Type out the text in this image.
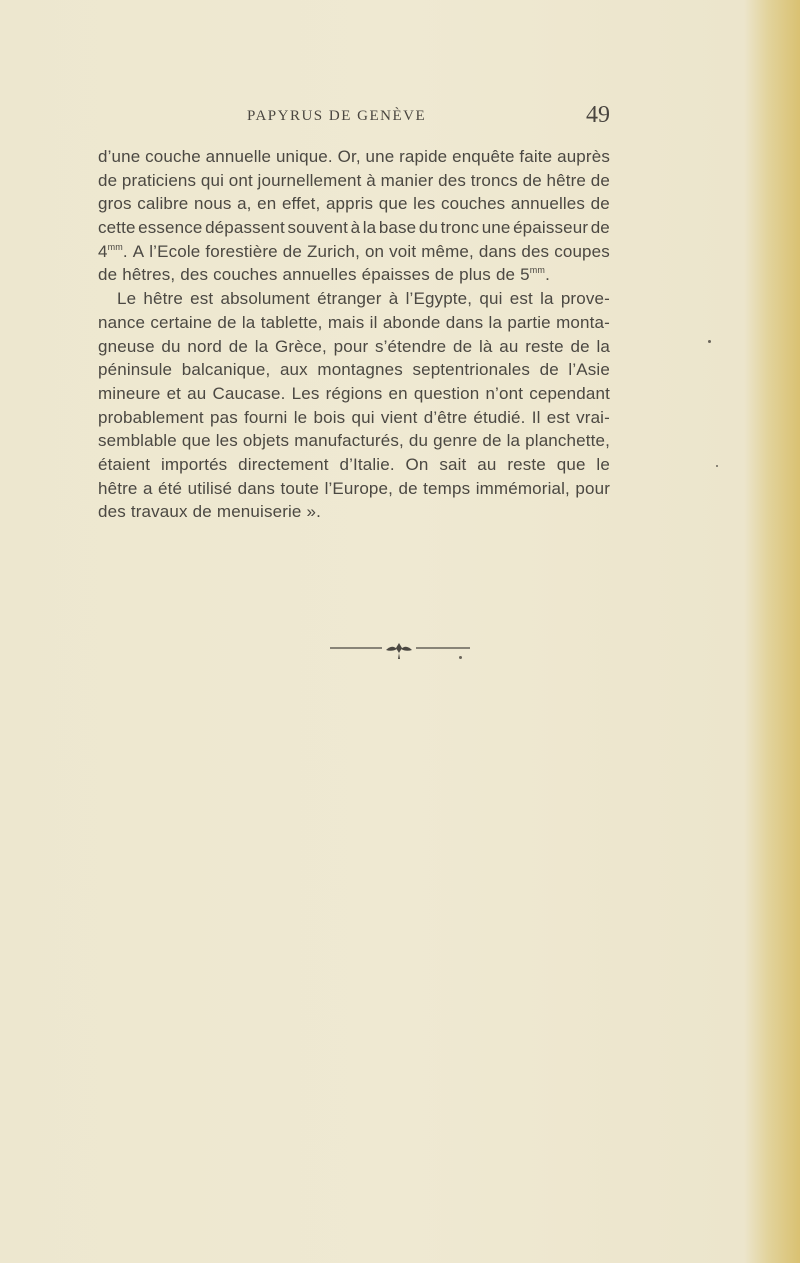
PAPYRUS DE GENÈVE	49
d’une couche annuelle unique. Or, une rapide enquête faite auprès
de praticiens qui ont journellement à manier des troncs de hêtre de
gros calibre nous a, en effet, appris que les couches annuelles de
cette essence dépassent souvent à la base du tronc une épaisseur de
$4^{mm}$. A l’Ecole forestière de Zurich, on voit même, dans des coupes
de hêtres, des couches annuelles épaisses de plus de $5^{mm}$.
Le hêtre est absolument étranger à l’Egypte, qui est la prove-
nance certaine de la tablette, mais il abonde dans la partie monta-
gneuse du nord de la Grèce, pour s’étendre de là au reste de la
péninsule balcanique, aux montagnes septentrionales de l’Asie
mineure et au Caucase. Les régions en question n’ont cependant
probablement pas fourni le bois qui vient d’être étudié. Il est vrai-
semblable que les objets manufacturés, du genre de la planchette,
étaient importés directement d’Italie. On sait au reste que le
hêtre a été utilisé dans toute l’Europe, de temps immémorial, pour
des travaux de menuiserie ».
